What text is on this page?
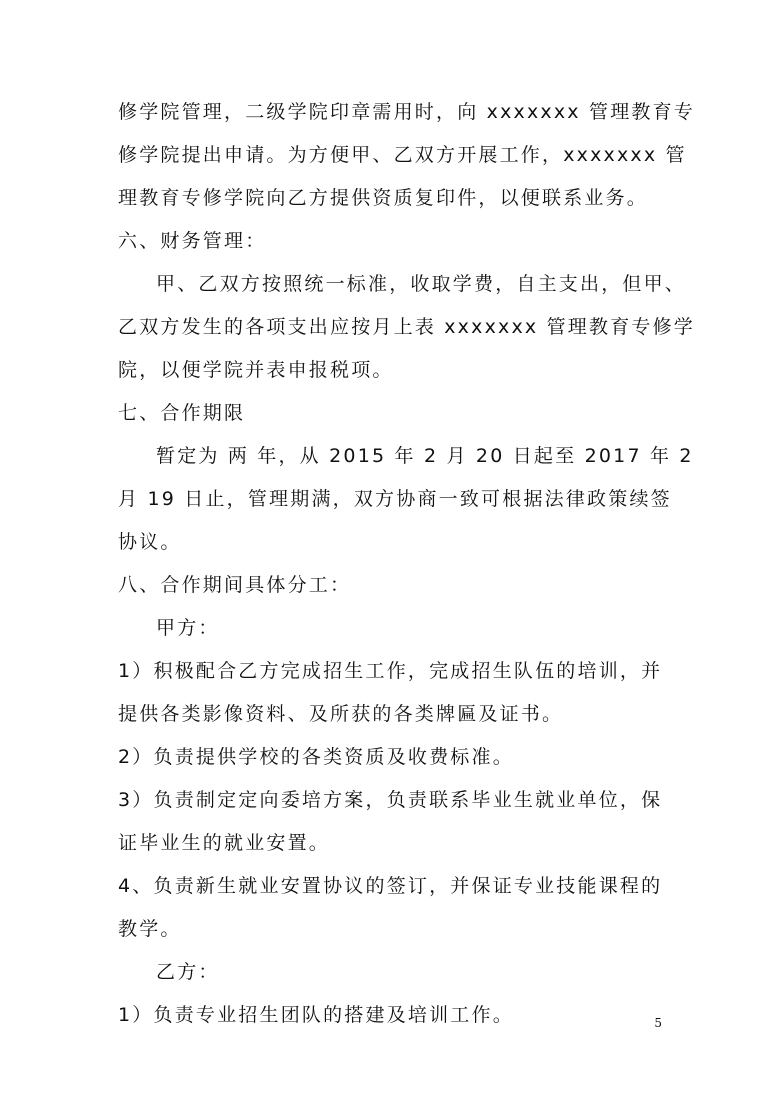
修学院管理，二级学院印章需用时，向 xxxxxxx 管理教育专
修学院提出申请。为方便甲、乙双方开展工作，xxxxxxx 管
理教育专修学院向乙方提供资质复印件，以便联系业务。
六、财务管理：
甲、乙双方按照统一标准，收取学费，自主支出，但甲、
乙双方发生的各项支出应按月上表 xxxxxxx 管理教育专修学
院，以便学院并表申报税项。
七、合作期限
暂定为 两 年，从 2015 年 2 月 20 日起至 2017 年 2
月 19 日止，管理期满，双方协商一致可根据法律政策续签
协议。
八、合作期间具体分工：
甲方：
1）积极配合乙方完成招生工作，完成招生队伍的培训，并
提供各类影像资料、及所获的各类牌匾及证书。
2）负责提供学校的各类资质及收费标准。
3）负责制定定向委培方案，负责联系毕业生就业单位，保
证毕业生的就业安置。
4、负责新生就业安置协议的签订，并保证专业技能课程的
教学。
乙方：
1）负责专业招生团队的搭建及培训工作。	5
